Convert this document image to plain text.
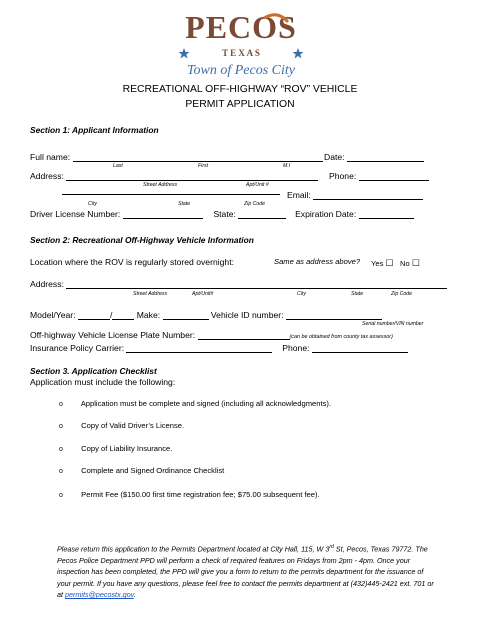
PECOS
T E X A S
Town of Pecos City
RECREATIONAL OFF-HIGHWAY “ROV” VEHICLE
PERMIT APPLICATION
Section 1: Applicant Information
Full name:	Date:
Last	First	M.I
Address:	Phone:
Street Address	Apt/Unit #
Email:
City	State	Zip Code
Driver License Number:	State:	Expiration Date:
Section 2: Recreational Off-Highway Vehicle Information
Location where the ROV is regularly stored overnight:	Same as address above? Yes ☐ No ☐
Address:
Street Address	Apt/Unit#	City	State	Zip Code
Model/Year:	/	Make:	Vehicle ID number:
Serial number/VIN number
Off-highway Vehicle License Plate Number:	(can be obtained from county tax assessor)
Insurance Policy Carrier:	Phone:
Section 3. Application Checklist
Application must include the following:
o Application must be complete and signed (including all acknowledgments).
o Copy of Valid Driver’s License.
o Copy of Liability Insurance.
o Complete and Signed Ordinance Checklist
o Permit Fee ($150.00 first time registration fee; $75.00 subsequent fee).
Please return this application to the Permits Department located at City Hall, 115, W 3rd St, Pecos, Texas 79772. The Pecos Police Department PPD will perform a check of required features on Fridays from 2pm - 4pm. Once your inspection has been completed, the PPD will give you a form to return to the permits department for the issuance of your permit. If you have any questions, please feel free to contact the permits department at (432)445-2421 ext. 701 or at permits@pecostx.gov.
